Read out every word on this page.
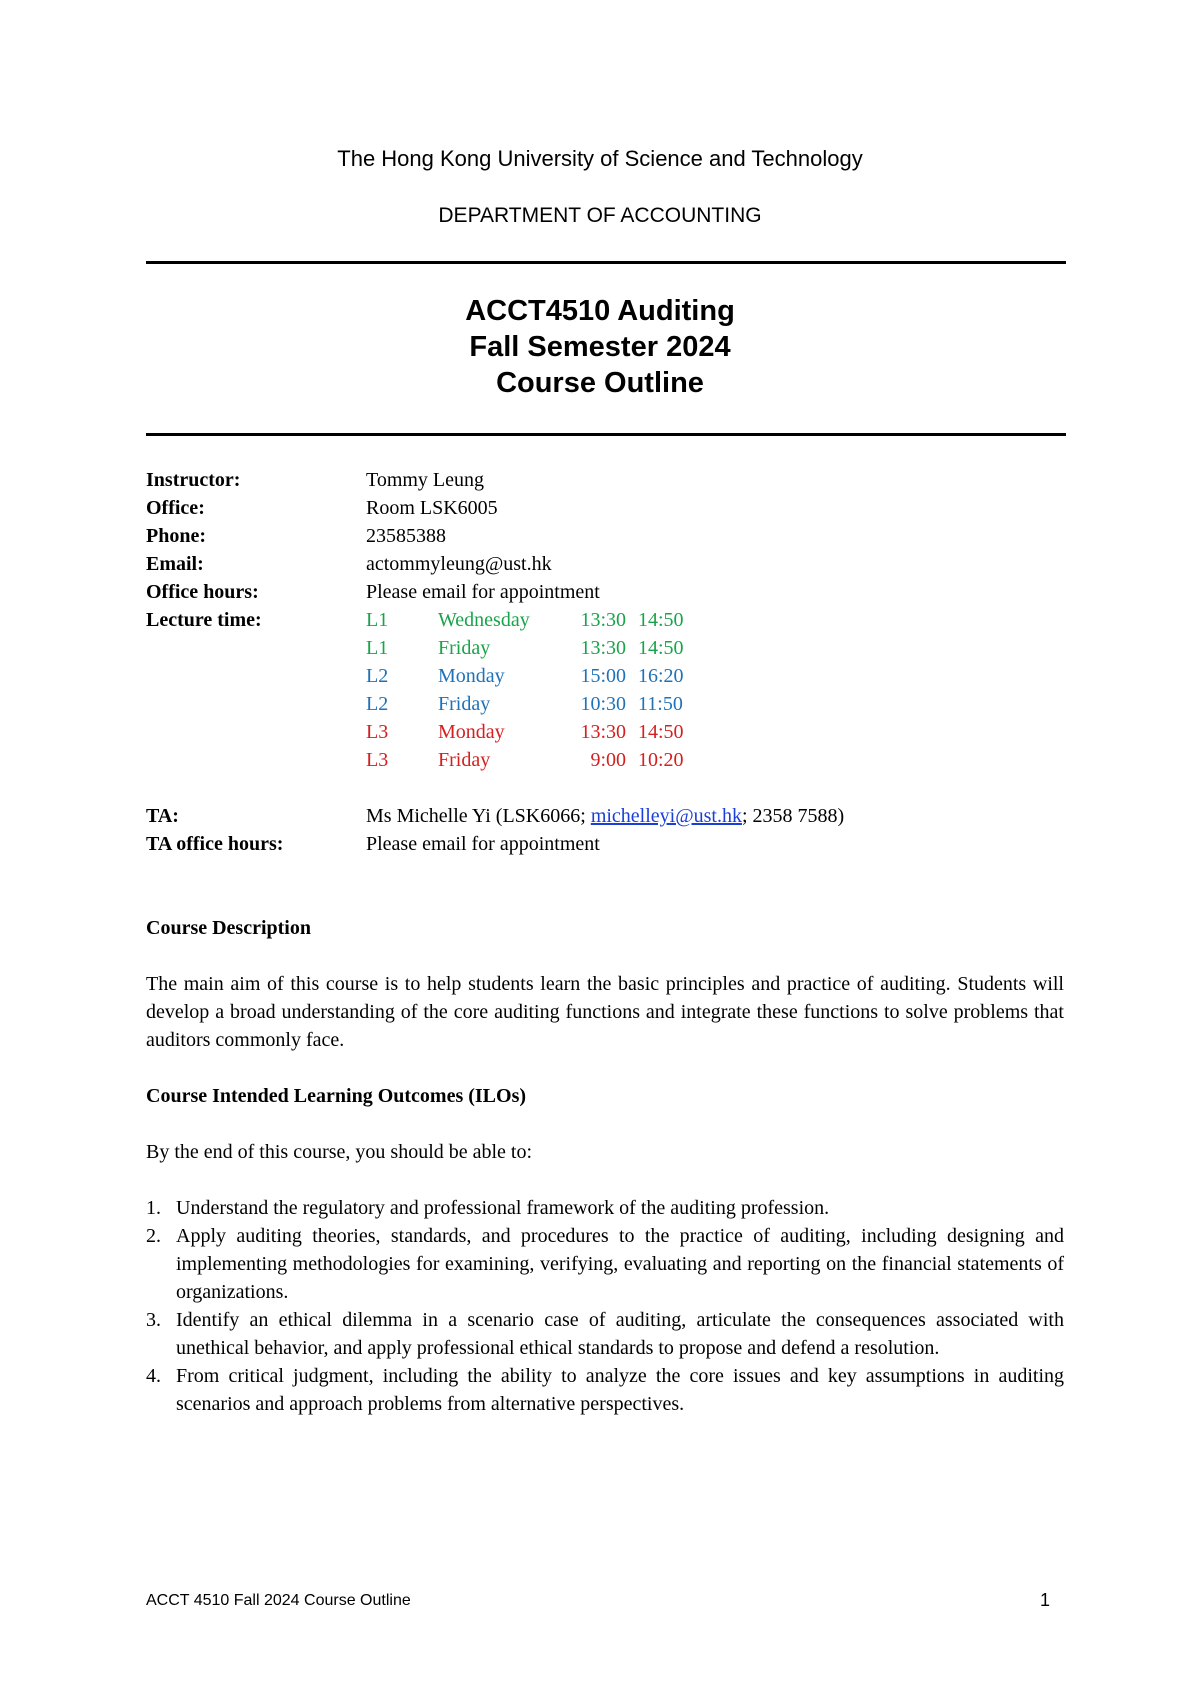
The Hong Kong University of Science and Technology
DEPARTMENT OF ACCOUNTING
ACCT4510 Auditing
Fall Semester 2024
Course Outline
Instructor:	Tommy Leung
Office:	Room LSK6005
Phone:	23585388
Email:	actommyleung@ust.hk
Office hours:	Please email for appointment
Lecture time:	L1 Wednesday	13:30 14:50
L1 Friday	13:30 14:50
L2 Monday	15:00 16:20
L2 Friday	10:30 11:50
L3 Monday	13:30 14:50
L3 Friday	9:00 10:20
TA:	Ms Michelle Yi (LSK6066; michelleyi@ust.hk; 2358 7588)
TA office hours:	Please email for appointment
Course Description
The main aim of this course is to help students learn the basic principles and practice of auditing. Students will develop a broad understanding of the core auditing functions and integrate these functions to solve problems that auditors commonly face.
Course Intended Learning Outcomes (ILOs)
By the end of this course, you should be able to:
1. Understand the regulatory and professional framework of the auditing profession.
2. Apply auditing theories, standards, and procedures to the practice of auditing, including designing and implementing methodologies for examining, verifying, evaluating and reporting on the financial statements of organizations.
3. Identify an ethical dilemma in a scenario case of auditing, articulate the consequences associated with unethical behavior, and apply professional ethical standards to propose and defend a resolution.
4. From critical judgment, including the ability to analyze the core issues and key assumptions in auditing scenarios and approach problems from alternative perspectives.
ACCT 4510 Fall 2024 Course Outline	1
